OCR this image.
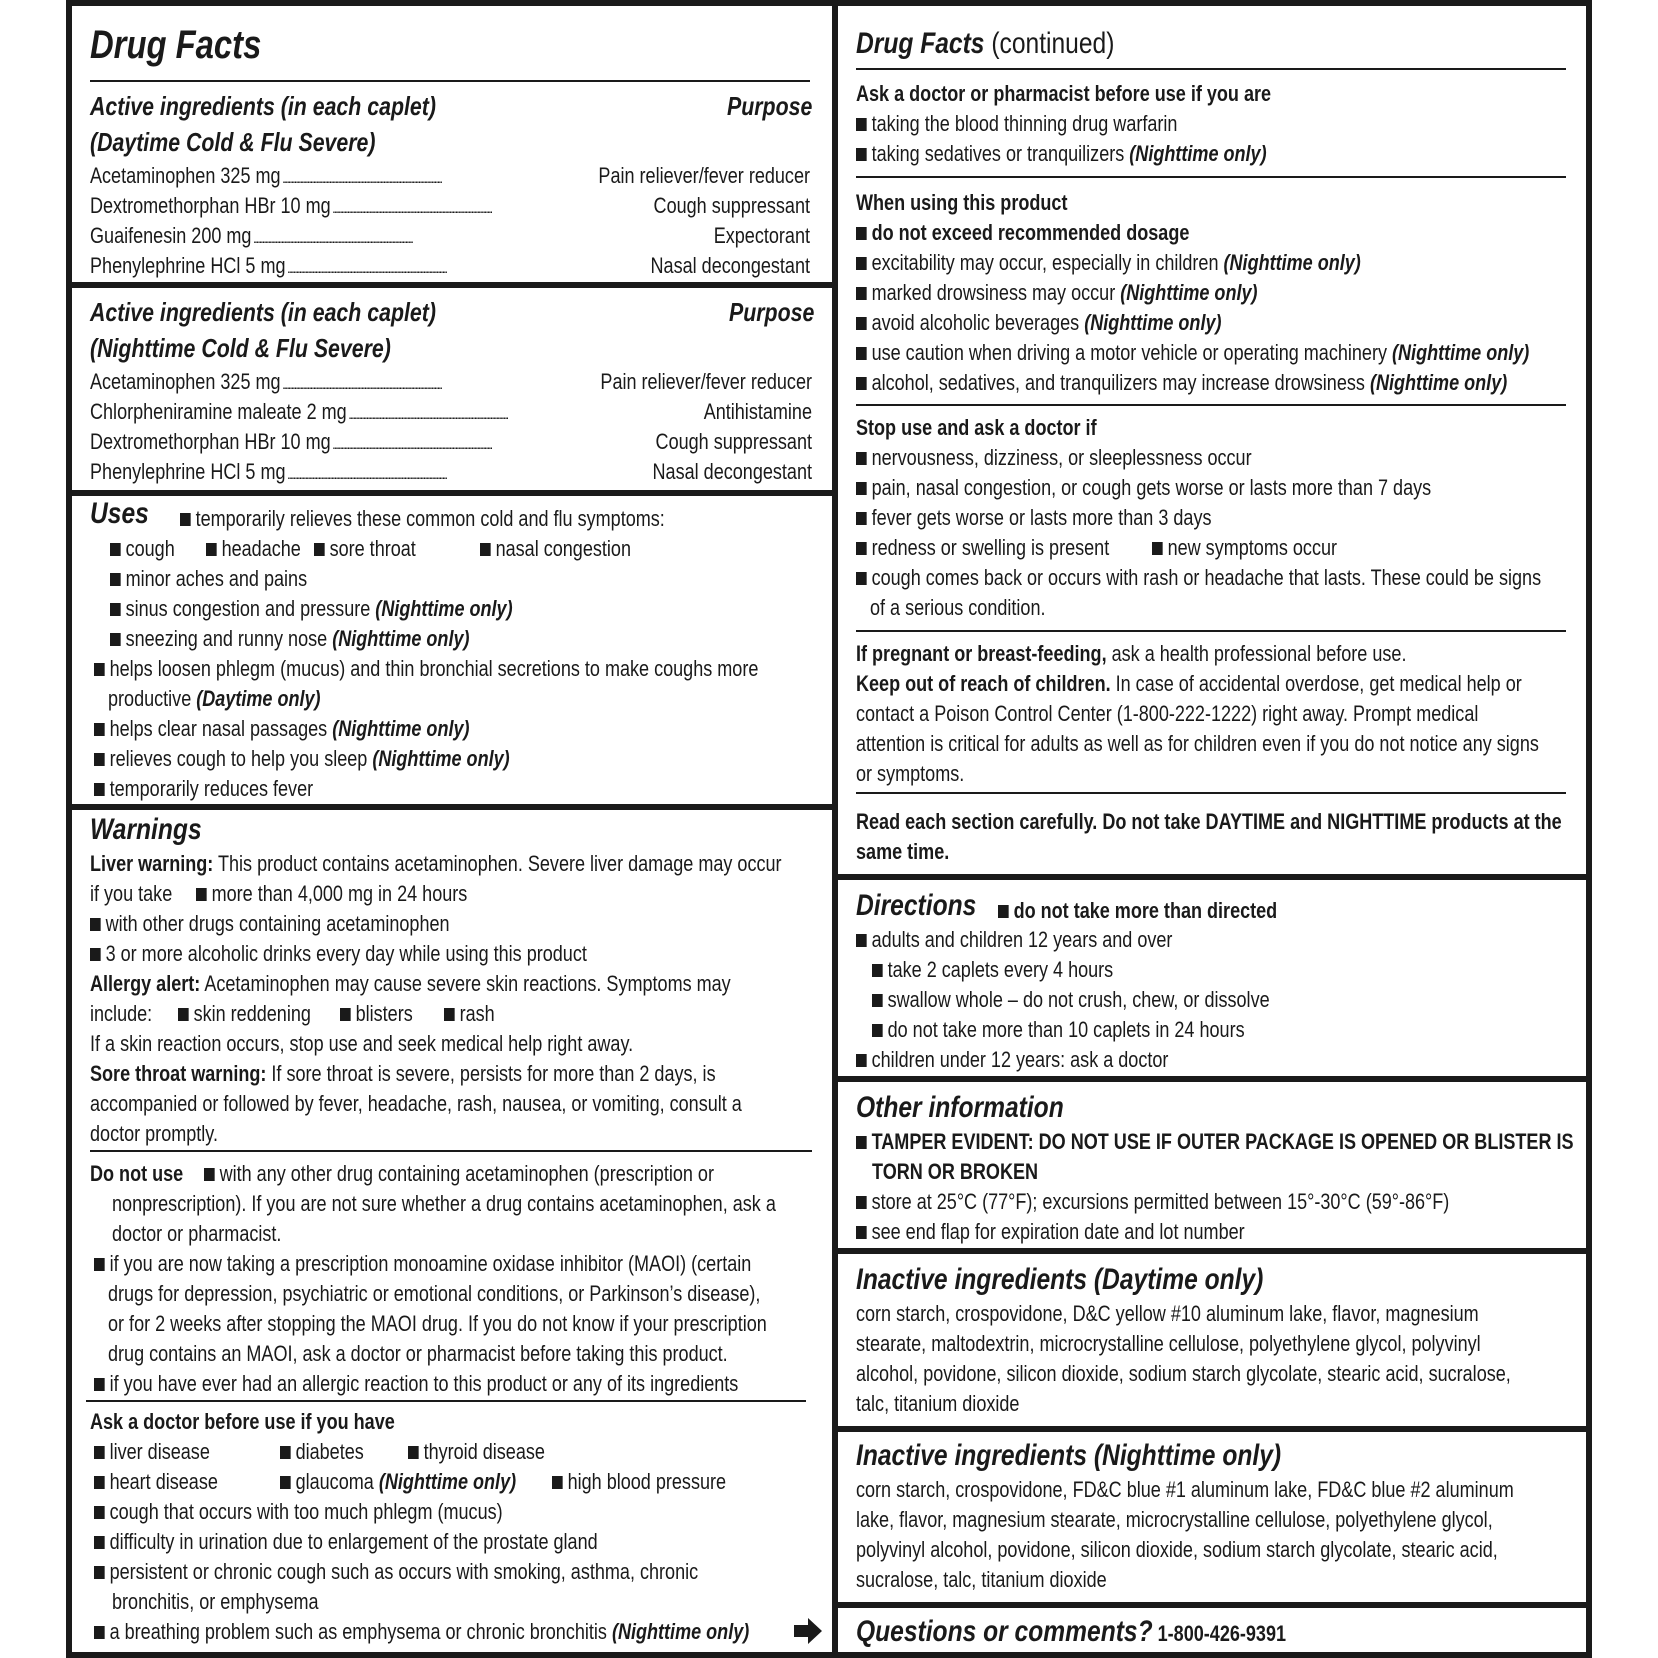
Drug Facts
Active ingredients (in each caplet)	Purpose
(Daytime Cold & Flu Severe)
Acetaminophen 325 mg . . .	Pain reliever/fever reducer
Dextromethorphan HBr 10 mg . . .	Cough suppressant
Guaifenesin 200 mg . . .	Expectorant
Phenylephrine HCl 5 mg . . .	Nasal decongestant
Active ingredients (in each caplet)	Purpose
(Nighttime Cold & Flu Severe)
Acetaminophen 325 mg . . .	Pain reliever/fever reducer
Chlorpheniramine maleate 2 mg . . .	Antihistamine
Dextromethorphan HBr 10 mg . . .	Cough suppressant
Phenylephrine HCl 5 mg . . .	Nasal decongestant
Uses	temporarily relieves these common cold and flu symptoms:
cough	headache	sore throat	nasal congestion
minor aches and pains
sinus congestion and pressure (Nighttime only)
sneezing and runny nose (Nighttime only)
helps loosen phlegm (mucus) and thin bronchial secretions to make coughs more
productive (Daytime only)
helps clear nasal passages (Nighttime only)
relieves cough to help you sleep (Nighttime only)
temporarily reduces fever
Warnings
Liver warning: This product contains acetaminophen. Severe liver damage may occur
if you take	more than 4,000 mg in 24 hours
with other drugs containing acetaminophen
3 or more alcoholic drinks every day while using this product
Allergy alert: Acetaminophen may cause severe skin reactions. Symptoms may
include:	skin reddening	blisters	rash
If a skin reaction occurs, stop use and seek medical help right away.
Sore throat warning: If sore throat is severe, persists for more than 2 days, is
accompanied or followed by fever, headache, rash, nausea, or vomiting, consult a
doctor promptly.
Do not use	with any other drug containing acetaminophen (prescription or
nonprescription). If you are not sure whether a drug contains acetaminophen, ask a
doctor or pharmacist.
if you are now taking a prescription monoamine oxidase inhibitor (MAOI) (certain
drugs for depression, psychiatric or emotional conditions, or Parkinson’s disease),
or for 2 weeks after stopping the MAOI drug. If you do not know if your prescription
drug contains an MAOI, ask a doctor or pharmacist before taking this product.
if you have ever had an allergic reaction to this product or any of its ingredients
Ask a doctor before use if you have
liver disease	diabetes	thyroid disease
heart disease	glaucoma (Nighttime only)	high blood pressure
cough that occurs with too much phlegm (mucus)
difficulty in urination due to enlargement of the prostate gland
persistent or chronic cough such as occurs with smoking, asthma, chronic
bronchitis, or emphysema
a breathing problem such as emphysema or chronic bronchitis (Nighttime only)
Drug Facts (continued)
Ask a doctor or pharmacist before use if you are
taking the blood thinning drug warfarin
taking sedatives or tranquilizers (Nighttime only)
When using this product
do not exceed recommended dosage
excitability may occur, especially in children (Nighttime only)
marked drowsiness may occur (Nighttime only)
avoid alcoholic beverages (Nighttime only)
use caution when driving a motor vehicle or operating machinery (Nighttime only)
alcohol, sedatives, and tranquilizers may increase drowsiness (Nighttime only)
Stop use and ask a doctor if
nervousness, dizziness, or sleeplessness occur
pain, nasal congestion, or cough gets worse or lasts more than 7 days
fever gets worse or lasts more than 3 days
redness or swelling is present	new symptoms occur
cough comes back or occurs with rash or headache that lasts. These could be signs
of a serious condition.
If pregnant or breast-feeding, ask a health professional before use.
Keep out of reach of children. In case of accidental overdose, get medical help or
contact a Poison Control Center (1-800-222-1222) right away. Prompt medical
attention is critical for adults as well as for children even if you do not notice any signs
or symptoms.
Read each section carefully. Do not take DAYTIME and NIGHTTIME products at the
same time.
Directions	do not take more than directed
adults and children 12 years and over
take 2 caplets every 4 hours
swallow whole – do not crush, chew, or dissolve
do not take more than 10 caplets in 24 hours
children under 12 years: ask a doctor
Other information
TAMPER EVIDENT: DO NOT USE IF OUTER PACKAGE IS OPENED OR BLISTER IS
TORN OR BROKEN
store at 25°C (77°F); excursions permitted between 15°-30°C (59°-86°F)
see end flap for expiration date and lot number
Inactive ingredients (Daytime only)
corn starch, crospovidone, D&C yellow #10 aluminum lake, flavor, magnesium
stearate, maltodextrin, microcrystalline cellulose, polyethylene glycol, polyvinyl
alcohol, povidone, silicon dioxide, sodium starch glycolate, stearic acid, sucralose,
talc, titanium dioxide
Inactive ingredients (Nighttime only)
corn starch, crospovidone, FD&C blue #1 aluminum lake, FD&C blue #2 aluminum
lake, flavor, magnesium stearate, microcrystalline cellulose, polyethylene glycol,
polyvinyl alcohol, povidone, silicon dioxide, sodium starch glycolate, stearic acid,
sucralose, talc, titanium dioxide
Questions or comments? 1-800-426-9391
